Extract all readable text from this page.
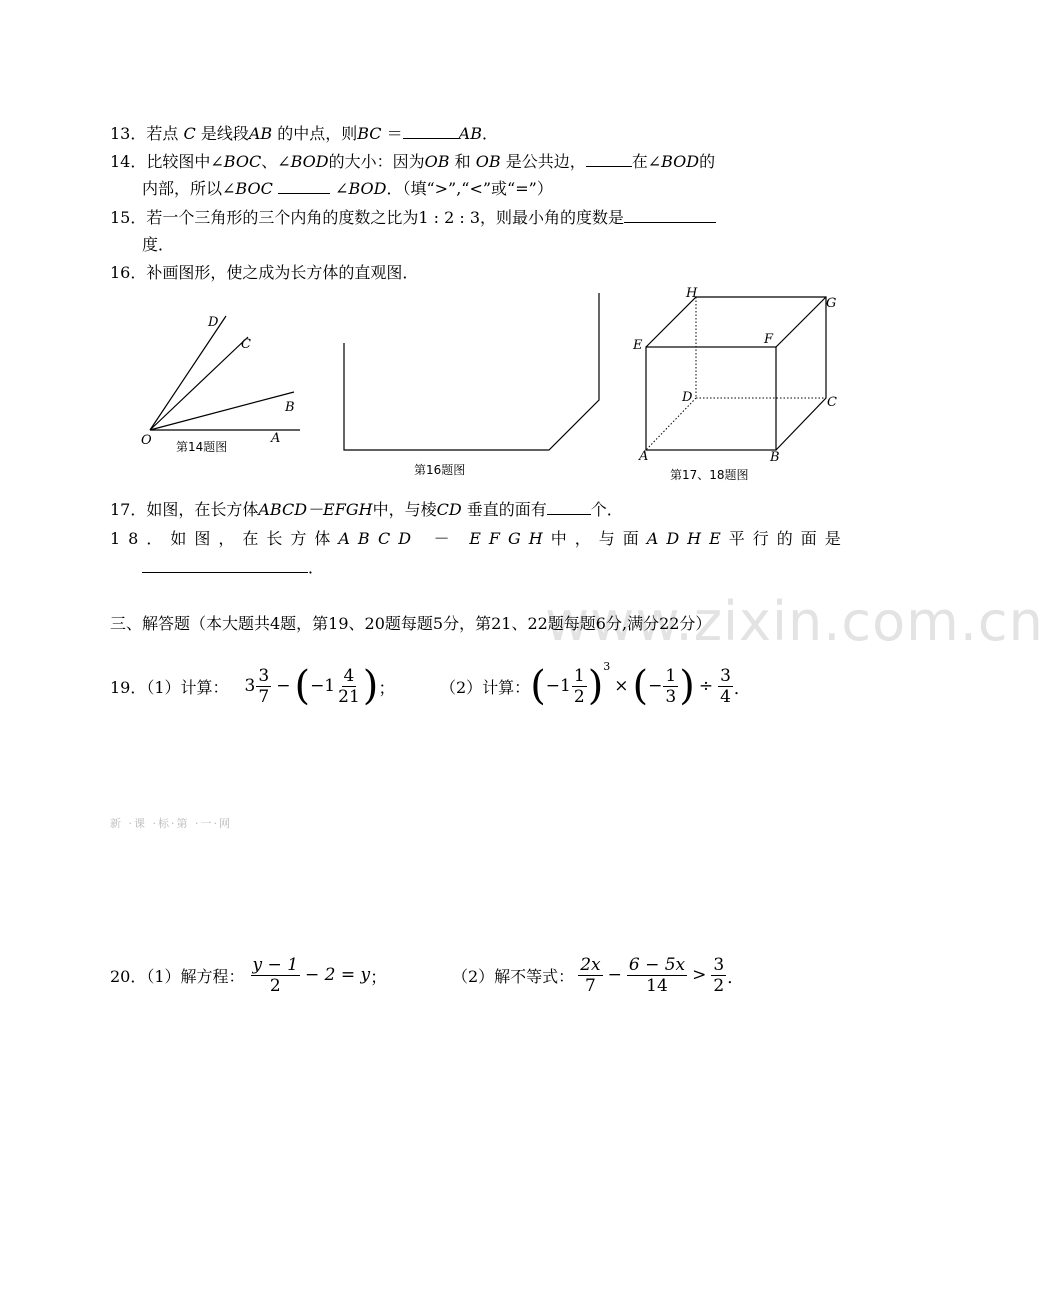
www.zixin.com.cn
新 ·课 ·标·第 ·一·网
13．若点 C 是线段AB 的中点，则BC ＝	AB．
14．比较图中∠BOC、∠BOD的大小：因为OB 和 OB 是公共边，	在∠BOD的
内部，所以∠BOC	∠BOD．（填“>”,“<”或“=”）
15．若一个三角形的三个内角的度数之比为1 : 2 : 3，则最小角的度数是
度．
16．补画图形，使之成为长方体的直观图．
D
C
B
O	A
第14题图
第16题图
H
G
E	F
D	C
A	B
第17、18题图
17．如图，在长方体ABCD－EFGH中，与棱CD 垂直的面有	个．
18．如图，在长方体ABCD － EFGH中，与面ADHE平行的面是
．
三、解答题（本大题共4题，第19、20题每题5分，第21、22题每题6分,满分22分）
19．（1）计算： $3 \frac{3}{7}$ − ( $-1 \frac{4}{21}$ ) ；	（2）计算： ( $-1 \frac{1}{2}$ ) 3
× ( − $\frac{1}{3}$ ) ÷ $\frac{3}{4}$ ．
20．（1）解方程： $\frac{y - 1}{2} - 2 = y$ ；	（2）解不等式： $\frac{2x}{7} - \frac{6 - 5x}{14} > \frac{3}{2}$ ．
